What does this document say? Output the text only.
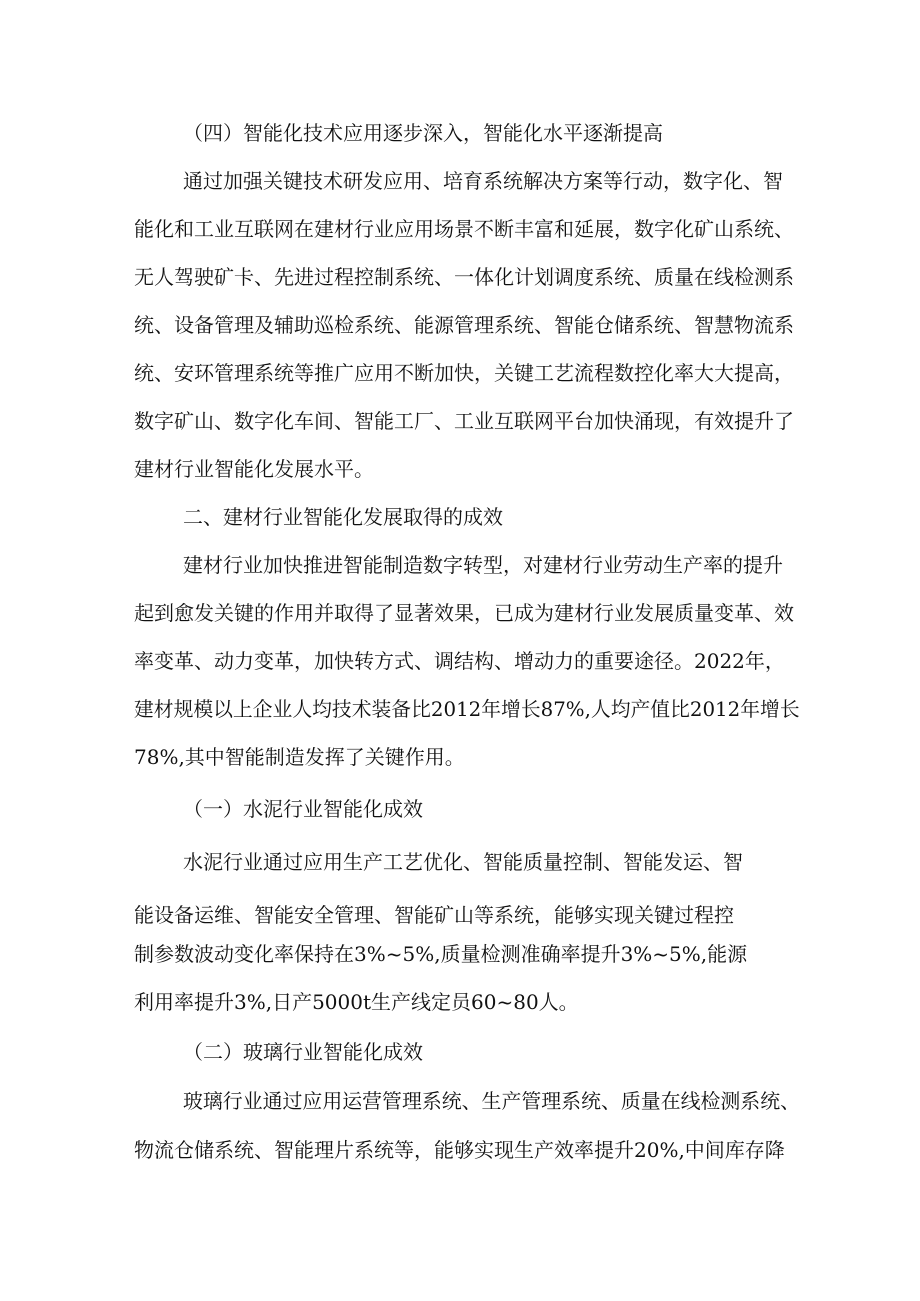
（四）智能化技术应用逐步深入，智能化水平逐渐提高
通过加强关键技术研发应用、培育系统解决方案等行动，数字化、智
能化和工业互联网在建材行业应用场景不断丰富和延展，数字化矿山系统、
无人驾驶矿卡、先进过程控制系统、一体化计划调度系统、质量在线检测系
统、设备管理及辅助巡检系统、能源管理系统、智能仓储系统、智慧物流系
统、安环管理系统等推广应用不断加快，关键工艺流程数控化率大大提高，
数字矿山、数字化车间、智能工厂、工业互联网平台加快涌现，有效提升了
建材行业智能化发展水平。
二、建材行业智能化发展取得的成效
建材行业加快推进智能制造数字转型，对建材行业劳动生产率的提升
起到愈发关键的作用并取得了显著效果，已成为建材行业发展质量变革、效
率变革、动力变革，加快转方式、调结构、增动力的重要途径。2022年，
建材规模以上企业人均技术装备比2012年增长87%,人均产值比2012年增长
78%,其中智能制造发挥了关键作用。
（一）水泥行业智能化成效
水泥行业通过应用生产工艺优化、智能质量控制、智能发运、智
能设备运维、智能安全管理、智能矿山等系统，能够实现关键过程控
制参数波动变化率保持在3%~5%,质量检测准确率提升3%~5%,能源
利用率提升3%,日产5000t生产线定员60~80人。
（二）玻璃行业智能化成效
玻璃行业通过应用运营管理系统、生产管理系统、质量在线检测系统、
物流仓储系统、智能理片系统等，能够实现生产效率提升20%,中间库存降
